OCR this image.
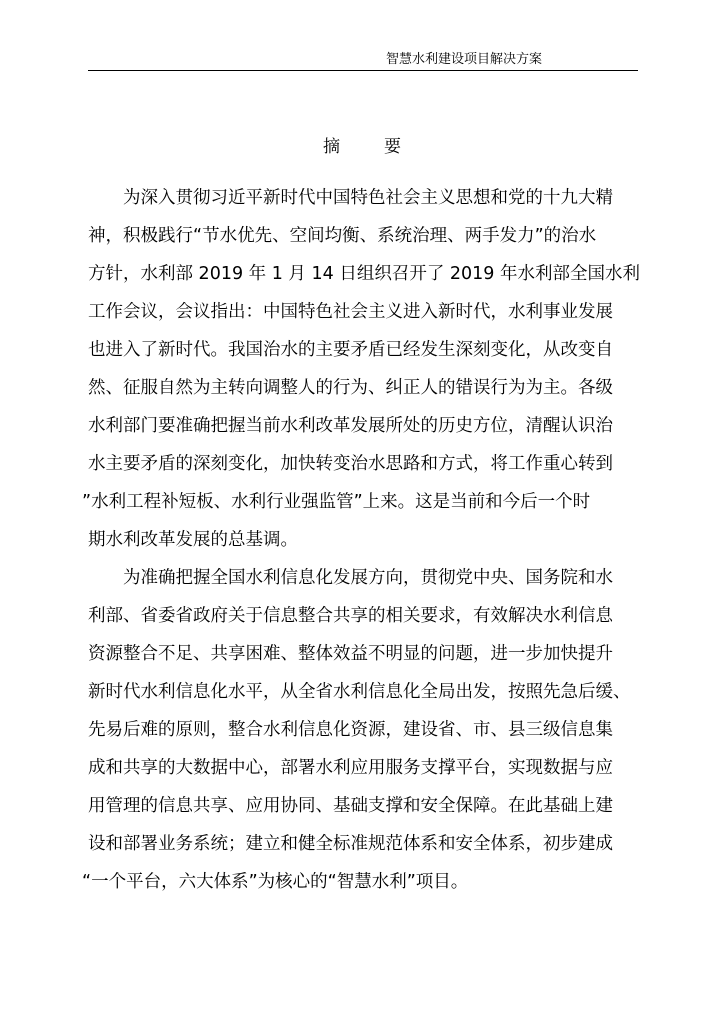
智慧水利建设项目解决方案
摘	要
为深入贯彻习近平新时代中国特色社会主义思想和党的十九大精
神，积极践行“节水优先、空间均衡、系统治理、两手发力”的治水
方针，水利部 2019 年 1 月 14 日组织召开了 2019 年水利部全国水利
工作会议，会议指出：中国特色社会主义进入新时代，水利事业发展
也进入了新时代。我国治水的主要矛盾已经发生深刻变化，从改变自
然、征服自然为主转向调整人的行为、纠正人的错误行为为主。各级
水利部门要准确把握当前水利改革发展所处的历史方位，清醒认识治
水主要矛盾的深刻变化，加快转变治水思路和方式，将工作重心转到
”水利工程补短板、水利行业强监管”上来。这是当前和今后一个时
期水利改革发展的总基调。
为准确把握全国水利信息化发展方向，贯彻党中央、国务院和水
利部、省委省政府关于信息整合共享的相关要求，有效解决水利信息
资源整合不足、共享困难、整体效益不明显的问题，进一步加快提升
新时代水利信息化水平，从全省水利信息化全局出发，按照先急后缓、
先易后难的原则，整合水利信息化资源，建设省、市、县三级信息集
成和共享的大数据中心，部署水利应用服务支撑平台，实现数据与应
用管理的信息共享、应用协同、基础支撑和安全保障。在此基础上建
设和部署业务系统；建立和健全标准规范体系和安全体系，初步建成
“一个平台，六大体系”为核心的“智慧水利”项目。
